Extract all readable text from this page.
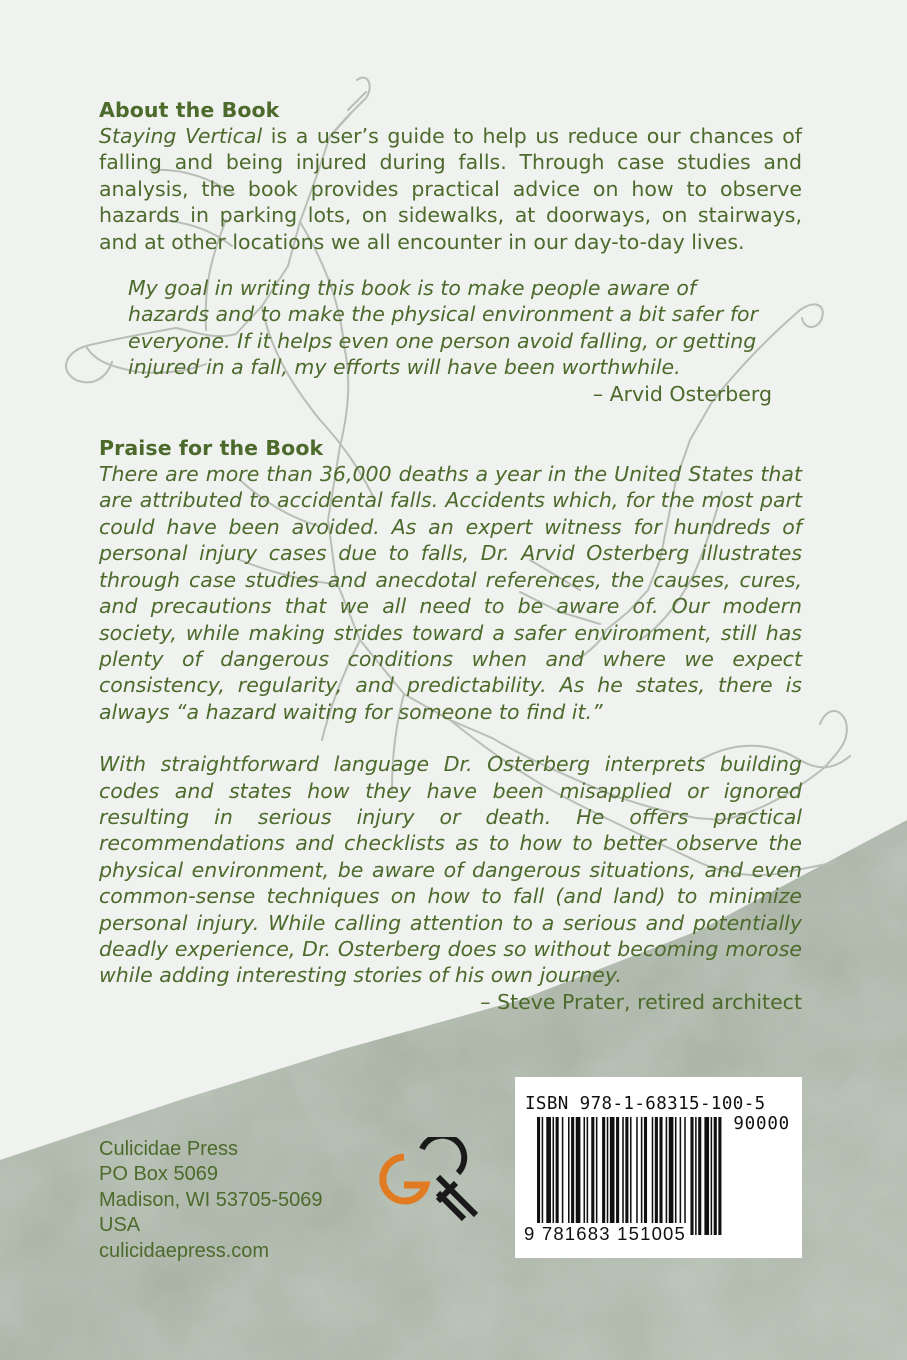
About the Book

Staying Vertical is a user’s guide to help us reduce our chances of falling and being injured during falls. Through case studies and analysis, the book provides practical advice on how to observe hazards in parking lots, on sidewalks, at doorways, on stairways, and at other locations we all encounter in our day-to-day lives.

My goal in writing this book is to make people aware of hazards and to make the physical environment a bit safer for everyone. If it helps even one person avoid falling, or getting injured in a fall, my efforts will have been worthwhile.
– Arvid Osterberg
Praise for the Book

There are more than 36,000 deaths a year in the United States that are attributed to accidental falls. Accidents which, for the most part could have been avoided. As an expert witness for hundreds of personal injury cases due to falls, Dr. Arvid Osterberg illustrates through case studies and anecdotal references, the causes, cures, and precautions that we all need to be aware of. Our modern society, while making strides toward a safer environment, still has plenty of dangerous conditions when and where we expect consistency, regularity, and predictability. As he states, there is always “a hazard waiting for someone to find it.”

With straightforward language Dr. Osterberg interprets building codes and states how they have been misapplied or ignored resulting in serious injury or death. He offers practical recommendations and checklists as to how to better observe the physical environment, be aware of dangerous situations, and even common-sense techniques on how to fall (and land) to minimize personal injury. While calling attention to a serious and potentially deadly experience, Dr. Osterberg does so without becoming morose while adding interesting stories of his own journey.

– Steve Prater, retired architect

Culicidae Press
PO Box 5069
Madison, WI 53705-5069
USA
culicidaepress.com
ISBN 978-1-68315-100-5
90000
9 781683 151005
